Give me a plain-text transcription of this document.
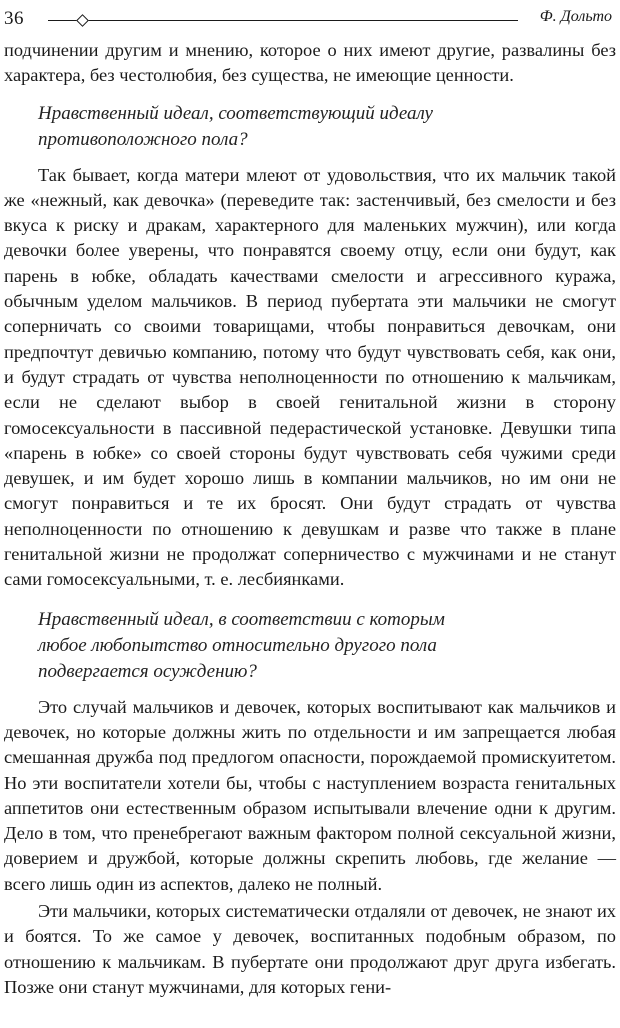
36	Ф. Дольто

подчинении другим и мнению, которое о них имеют другие, развалины без характера, без честолюбия, без существа, не имеющие ценности.

Нравственный идеал, соответствующий идеалу противоположного пола?

Так бывает, когда матери млеют от удовольствия, что их мальчик такой же «нежный, как девочка» (переведите так: застенчивый, без смелости и без вкуса к риску и дракам, характерного для маленьких мужчин), или когда девочки более уверены, что понравятся своему отцу, если они будут, как парень в юбке, обладать качествами смелости и агрессивного куража, обычным уделом мальчиков. В период пубертата эти мальчики не смогут соперничать со своими товарищами, чтобы понравиться девочкам, они предпочтут девичью компанию, потому что будут чувствовать себя, как они, и будут страдать от чувства неполноценности по отношению к мальчикам, если не сделают выбор в своей генитальной жизни в сторону гомосексуальности в пассивной педерастической установке. Девушки типа «парень в юбке» со своей стороны будут чувствовать себя чужими среди девушек, и им будет хорошо лишь в компании мальчиков, но им они не смогут понравиться и те их бросят. Они будут страдать от чувства неполноценности по отношению к девушкам и разве что также в плане генитальной жизни не продолжат соперничество с мужчинами и не станут сами гомосексуальными, т. е. лесбиянками.

Нравственный идеал, в соответствии с которым любое любопытство относительно другого пола подвергается осуждению?

Это случай мальчиков и девочек, которых воспитывают как мальчиков и девочек, но которые должны жить по отдельности и им запрещается любая смешанная дружба под предлогом опасности, порождаемой промискуитетом. Но эти воспитатели хотели бы, чтобы с наступлением возраста генитальных аппетитов они естественным образом испытывали влечение одни к другим. Дело в том, что пренебрегают важным фактором полной сексуальной жизни, доверием и дружбой, которые должны скрепить любовь, где желание — всего лишь один из аспектов, далеко не полный.

Эти мальчики, которых систематически отдаляли от девочек, не знают их и боятся. То же самое у девочек, воспитанных подобным образом, по отношению к мальчикам. В пубертате они продолжают друг друга избегать. Позже они станут мужчинами, для которых гени-
